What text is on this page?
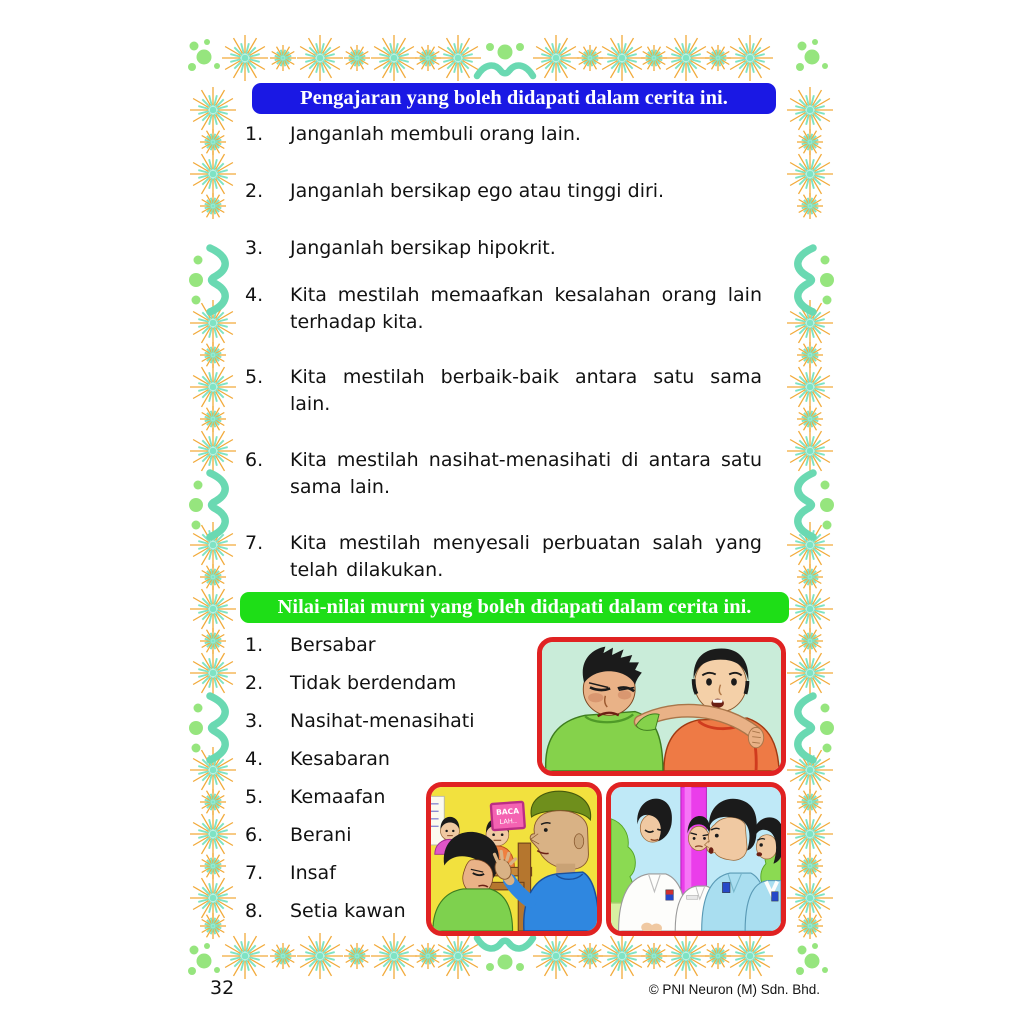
Pengajaran yang boleh didapati dalam cerita ini.
1.	Janganlah membuli orang lain.
2.	Janganlah bersikap ego atau tinggi diri.
3.	Janganlah bersikap hipokrit.
4.	Kita mestilah memaafkan kesalahan orang lain terhadap kita.
5.	Kita mestilah berbaik-baik antara satu sama lain.
6.	Kita mestilah nasihat-menasihati di antara satu sama lain.
7.	Kita mestilah menyesali perbuatan salah yang telah dilakukan.
Nilai-nilai murni yang boleh didapati dalam cerita ini.
1.	Bersabar
2.	Tidak berdendam
3.	Nasihat-menasihati
4.	Kesabaran
5.	Kemaafan
6.	Berani
7.	Insaf
8.	Setia kawan
BACA
LAH..
32	© PNI Neuron (M) Sdn. Bhd.
